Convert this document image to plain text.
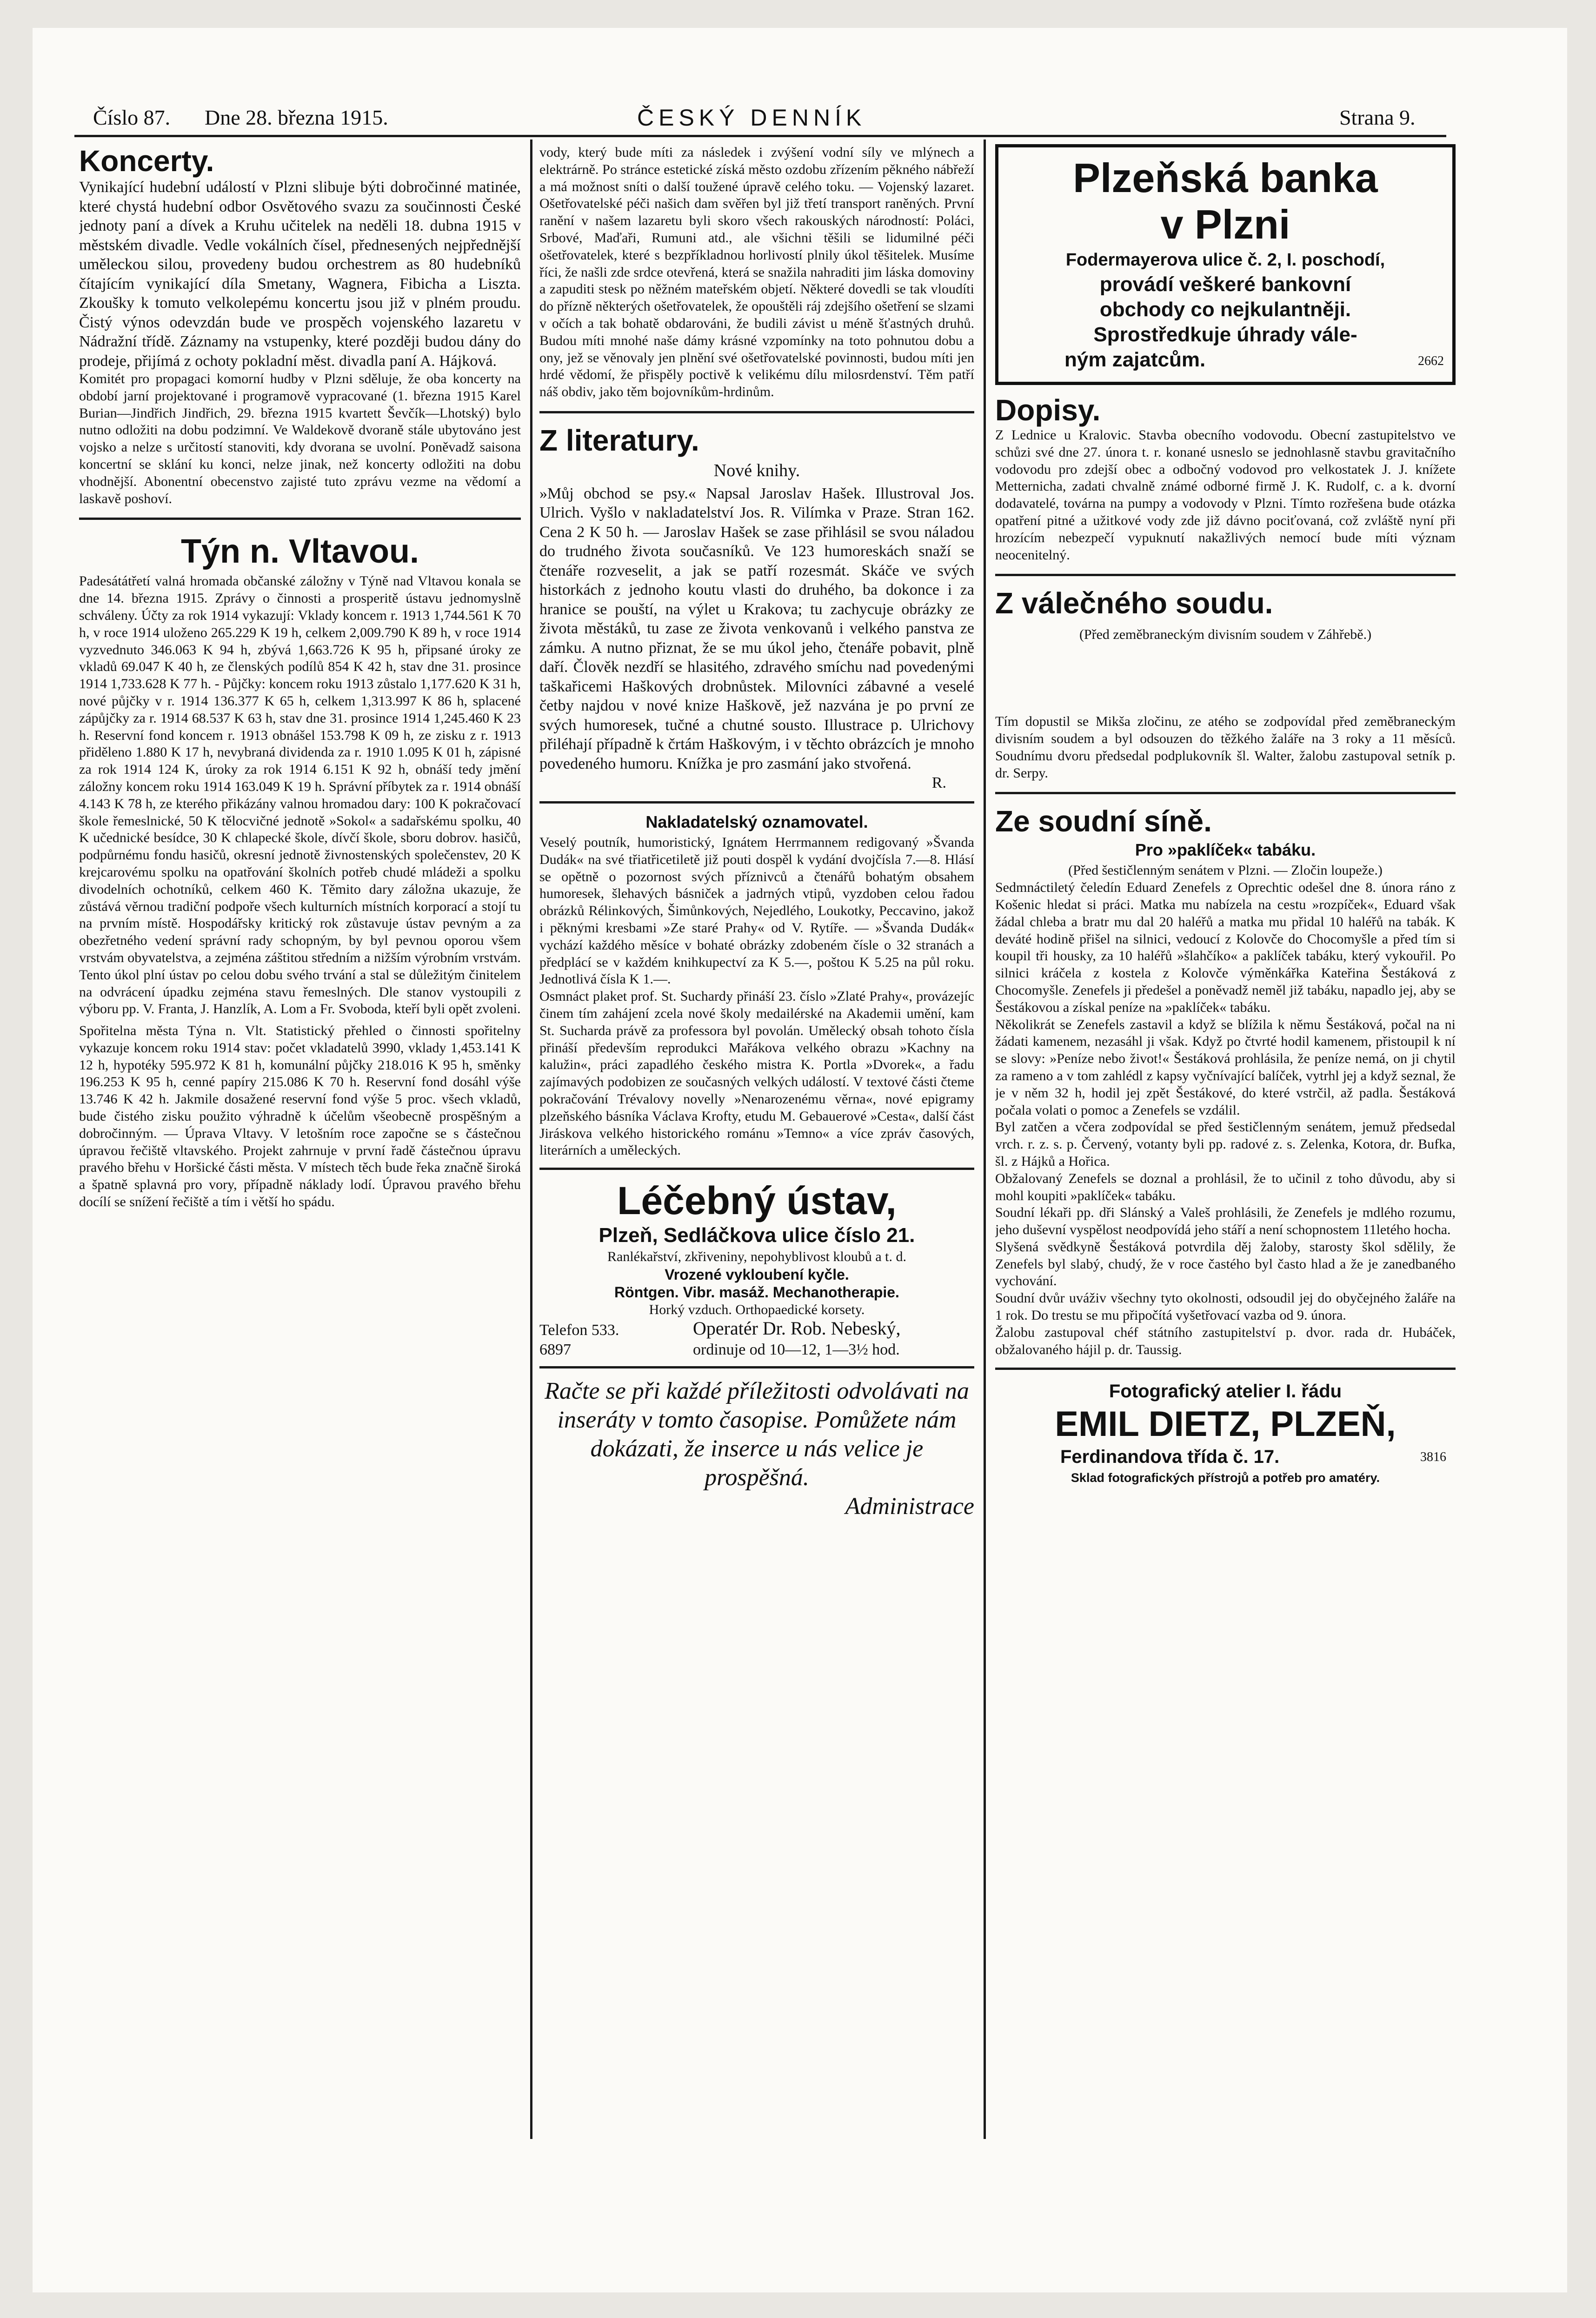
Číslo 87. Dne 28. března 1915.	ČESKÝ DENNÍK	Strana 9.
Koncerty.

Vynikající hudební událostí v Plzni slibuje býti dobročinné matinée, které chystá hudební odbor Osvětového svazu za součinnosti České jednoty paní a dívek a Kruhu učitelek na neděli 18. dubna 1915 v městském divadle. Vedle vokálních čísel, přednesených nejpřednější uměleckou silou, provedeny budou orchestrem as 80 hudebníků čítajícím vynikající díla Smetany, Wagnera, Fibicha a Liszta. Zkoušky k tomuto velkolepému koncertu jsou již v plném proudu. Čistý výnos odevzdán bude ve prospěch vojenského lazaretu v Nádražní třídě. Záznamy na vstupenky, které později budou dány do prodeje, přijímá z ochoty pokladní měst. divadla paní A. Hájková.

Komitét pro propagaci komorní hudby v Plzni sděluje, že oba koncerty na období jarní projektované i programově vypracované (1. března 1915 Karel Burian—Jindřich Jindřich, 29. března 1915 kvartett Ševčík—Lhotský) bylo nutno odložiti na dobu podzimní. Ve Waldekově dvoraně stále ubytováno jest vojsko a nelze s určitostí stanoviti, kdy dvorana se uvolní. Poněvadž saisona koncertní se sklání ku konci, nelze jinak, než koncerty odložiti na dobu vhodnější. Abonentní obecenstvo zajisté tuto zprávu vezme na vědomí a laskavě poshoví.

Týn n. Vltavou.

Padesátátřetí valná hromada občanské záložny v Týně nad Vltavou konala se dne 14. března 1915. Zprávy o činnosti a prosperitě ústavu jednomyslně schváleny. Účty za rok 1914 vykazují: Vklady koncem r. 1913 1,744.561 K 70 h, v roce 1914 uloženo 265.229 K 19 h, celkem 2,009.790 K 89 h, v roce 1914 vyzvednuto 346.063 K 94 h, zbývá 1,663.726 K 95 h, připsané úroky ze vkladů 69.047 K 40 h, ze členských podílů 854 K 42 h, stav dne 31. prosince 1914 1,733.628 K 77 h. - Půjčky: koncem roku 1913 zůstalo 1,177.620 K 31 h, nové půjčky v r. 1914 136.377 K 65 h, celkem 1,313.997 K 86 h, splacené zápůjčky za r. 1914 68.537 K 63 h, stav dne 31. prosince 1914 1,245.460 K 23 h. Reservní fond koncem r. 1913 obnášel 153.798 K 09 h, ze zisku z r. 1913 přiděleno 1.880 K 17 h, nevybraná dividenda za r. 1910 1.095 K 01 h, zápisné za rok 1914 124 K, úroky za rok 1914 6.151 K 92 h, obnáší tedy jmění záložny koncem roku 1914 163.049 K 19 h. Správní příbytek za r. 1914 obnáší 4.143 K 78 h, ze kterého přikázány valnou hromadou dary: 100 K pokračovací škole řemeslnické, 50 K tělocvičné jednotě »Sokol« a sadařskému spolku, 40 K učednické besídce, 30 K chlapecké škole, dívčí škole, sboru dobrov. hasičů, podpůrnému fondu hasičů, okresní jednotě živnostenských společenstev, 20 K krejcarovému spolku na opatřování školních potřeb chudé mládeži a spolku divodelních ochotníků, celkem 460 K. Těmito dary záložna ukazuje, že zůstává věrnou tradiční podpoře všech kulturních místních korporací a stojí tu na prvním místě. Hospodářsky kritický rok zůstavuje ústav pevným a za obezřetného vedení správní rady schopným, by byl pevnou oporou všem vrstvám obyvatelstva, a zejména záštitou středním a nižším výrobním vrstvám. Tento úkol plní ústav po celou dobu svého trvání a stal se důležitým činitelem na odvrácení úpadku zejména stavu řemeslných. Dle stanov vystoupili z výboru pp. V. Franta, J. Hanzlík, A. Lom a Fr. Svoboda, kteří byli opět zvoleni.

Spořitelna města Týna n. Vlt. Statistický přehled o činnosti spořitelny vykazuje koncem roku 1914 stav: počet vkladatelů 3990, vklady 1,453.141 K 12 h, hypotéky 595.972 K 81 h, komunální půjčky 218.016 K 95 h, směnky 196.253 K 95 h, cenné papíry 215.086 K 70 h. Reservní fond dosáhl výše 13.746 K 42 h. Jakmile dosažené reservní fond výše 5 proc. všech vkladů, bude čistého zisku použito výhradně k účelům všeobecně prospěšným a dobročinným. — Úprava Vltavy. V letošním roce započne se s částečnou úpravou řečiště vltavského. Projekt zahrnuje v první řadě částečnou úpravu pravého břehu v Horšické části města. V místech těch bude řeka značně široká a špatně splavná pro vory, případně náklady lodí. Úpravou pravého břehu docílí se snížení řečiště a tím i větší ho spádu.

vody, který bude míti za následek i zvýšení vodní síly ve mlýnech a elektrárně. Po stránce estetické získá město ozdobu zřízením pěkného nábřeží a má možnost sníti o další toužené úpravě celého toku. — Vojenský lazaret. Ošetřovatelské péči našich dam svěřen byl již třetí transport raněných. První ranění v našem lazaretu byli skoro všech rakouských národností: Poláci, Srbové, Maďaři, Rumuni atd., ale všichni těšili se lidumilné péči ošetřovatelek, které s bezpříkladnou horlivostí plnily úkol těšitelek. Musíme říci, že našli zde srdce otevřená, která se snažila nahraditi jim láska domoviny a zapuditi stesk po něžném mateřském objetí. Některé dovedli se tak vloudíti do přízně některých ošetřovatelek, že opouštěli ráj zdejšího ošetření se slzami v očích a tak bohatě obdarováni, že budili závist u méně šťastných druhů. Budou míti mnohé naše dámy krásné vzpomínky na toto pohnutou dobu a ony, jež se věnovaly jen plnění své ošetřovatelské povinnosti, budou míti jen hrdé vědomí, že přispěly poctivě k velikému dílu milosrdenství. Těm patří náš obdiv, jako těm bojovníkům-hrdinům.

Z literatury.
Nové knihy.

»Můj obchod se psy.« Napsal Jaroslav Hašek. Illustroval Jos. Ulrich. Vyšlo v nakladatelství Jos. R. Vilímka v Praze. Stran 162. Cena 2 K 50 h. — Jaroslav Hašek se zase přihlásil se svou náladou do trudného života současníků. Ve 123 humoreskách snaží se čtenáře rozveselit, a jak se patří rozesmát. Skáče ve svých historkách z jednoho koutu vlasti do druhého, ba dokonce i za hranice se pouští, na výlet u Krakova; tu zachycuje obrázky ze života městáků, tu zase ze života venkovanů i velkého panstva ze zámku. A nutno přiznat, že se mu úkol jeho, čtenáře pobavit, plně daří. Člověk nezdří se hlasitého, zdravého smíchu nad povedenými taškařicemi Haškových drobnůstek. Milovníci zábavné a veselé četby najdou v nové knize Haškově, jež nazvána je po první ze svých humoresek, tučné a chutné sousto. Illustrace p. Ulrichovy přiléhají případně k črtám Haškovým, i v těchto obrázcích je mnoho povedeného humoru. Knížka je pro zasmání jako stvořená.

R.
Nakladatelský oznamovatel.

Veselý poutník, humoristický, Ignátem Herrmannem redigovaný »Švanda Dudák« na své třiatřicetiletě již pouti dospěl k vydání dvojčísla 7.—8. Hlásí se opětně o pozornost svých příznivců a čtenářů bohatým obsahem humoresek, šlehavých básniček a jadrných vtipů, vyzdoben celou řadou obrázků Rélinkových, Šimůnkových, Nejedlého, Loukotky, Peccavino, jakož i pěknými kresbami »Ze staré Prahy« od V. Rytíře. — »Švanda Dudák« vychází každého měsíce v bohaté obrázky zdobeném čísle o 32 stranách a předplácí se v každém knihkupectví za K 5.—, poštou K 5.25 na půl roku. Jednotlivá čísla K 1.—.

Osmnáct plaket prof. St. Suchardy přináší 23. číslo »Zlaté Prahy«, provázejíc činem tím zahájení zcela nové školy medailérské na Akademii umění, kam St. Sucharda právě za professora byl povolán. Umělecký obsah tohoto čísla přináší především reprodukci Mařákova velkého obrazu »Kachny na kalužin«, práci zapadlého českého mistra K. Portla »Dvorek«, a řadu zajímavých podobizen ze současných velkých událostí. V textové části čteme pokračování Trévalovy novelly »Nenarozenému věrna«, nové epigramy plzeňského básníka Václava Krofty, etudu M. Gebauerové »Cesta«, další část Jiráskova velkého historického románu »Temno« a více zpráv časových, literárních a uměleckých.

Léčebný ústav,
Plzeň, Sedláčkova ulice číslo 21.
Ranlékařství, zkřiveniny, nepohyblivost kloubů a t. d.
Vrozené vykloubení kyčle.
Röntgen. Vibr. masáž. Mechanotherapie.
Horký vzduch. Orthopaedické korsety.
Telefon 533.	Operatér Dr. Rob. Nebeský,
6897	ordinuje od 10—12, 1—3½ hod.

Račte se při každé příležitosti odvolávati na inseráty v tomto časopise. Pomůžete nám dokázati, že inserce u nás velice je prospěšná.

Administrace
Plzeňská banka
v Plzni
Fodermayerova ulice č. 2, I. poschodí,
provádí veškeré bankovní
obchody co nejkulantněji.
Sprostředkuje úhrady vále-
ným zajatcům.	2662
Dopisy.

Z Lednice u Kralovic. Stavba obecního vodovodu. Obecní zastupitelstvo ve schůzi své dne 27. února t. r. konané usneslo se jednohlasně stavbu gravitačního vodovodu pro zdejší obec a odbočný vodovod pro velkostatek J. J. knížete Metternicha, zadati chvalně známé odborné firmě J. K. Rudolf, c. a k. dvorní dodavatelé, továrna na pumpy a vodovody v Plzni. Tímto rozřešena bude otázka opatření pitné a užitkové vody zde již dávno pociťovaná, což zvláště nyní při hrozícím nebezpečí vypuknutí nakažlivých nemocí bude míti význam neocenitelný.

Z válečného soudu.

(Před zeměbraneckým divisním soudem v Záhřebě.)

Tím dopustil se Mikša zločinu, ze atého se zodpovídal před zeměbraneckým divisním soudem a byl odsouzen do těžkého žaláře na 3 roky a 11 měsíců. Soudnímu dvoru předsedal podplukovník šl. Walter, žalobu zastupoval setník p. dr. Serpy.

Ze soudní síně.
Pro »paklíček« tabáku.

(Před šestičlenným senátem v Plzni. — Zločin loupeže.)

Sedmnáctiletý čeledín Eduard Zenefels z Oprechtic odešel dne 8. února ráno z Košenic hledat si práci. Matka mu nabízela na cestu »rozpíček«, Eduard však žádal chleba a bratr mu dal 20 haléřů a matka mu přidal 10 haléřů na tabák. K deváté hodině přišel na silnici, vedoucí z Kolovče do Chocomyšle a před tím si koupil tři housky, za 10 haléřů »šlahčíko« a paklíček tabáku, který vykouřil. Po silnici kráčela z kostela z Kolovče výměnkářka Kateřina Šestáková z Chocomyšle. Zenefels ji předešel a poněvadž neměl již tabáku, napadlo jej, aby se Šestákovou a získal peníze na »paklíček« tabáku.

Několikrát se Zenefels zastavil a když se blížila k němu Šestáková, počal na ni žádati kamenem, nezasáhl ji však. Když po čtvrté hodil kamenem, přistoupil k ní se slovy: »Peníze nebo život!« Šestáková prohlásila, že peníze nemá, on ji chytil za rameno a v tom zahlédl z kapsy vyčnívající balíček, vytrhl jej a když seznal, že je v něm 32 h, hodil jej zpět Šestákové, do které vstrčil, až padla. Šestáková počala volati o pomoc a Zenefels se vzdálil.

Byl zatčen a včera zodpovídal se před šestičlenným senátem, jemuž předsedal vrch. r. z. s. p. Červený, votanty byli pp. radové z. s. Zelenka, Kotora, dr. Bufka, šl. z Hájků a Hořica.

Obžalovaný Zenefels se doznal a prohlásil, že to učinil z toho důvodu, aby si mohl koupiti »paklíček« tabáku.

Soudní lékaři pp. dři Slánský a Valeš prohlásili, že Zenefels je mdlého rozumu, jeho duševní vyspělost neodpovídá jeho stáří a není schopnostem 11letého hocha.

Slyšená svědkyně Šestáková potvrdila děj žaloby, starosty škol sdělily, že Zenefels byl slabý, chudý, že v roce častého byl často hlad a že je zanedbaného vychování.

Soudní dvůr uváživ všechny tyto okolnosti, odsoudil jej do obyčejného žaláře na 1 rok. Do trestu se mu připočítá vyšetřovací vazba od 9. února.

Žalobu zastupoval chéf státního zastupitelství p. dvor. rada dr. Hubáček, obžalovaného hájil p. dr. Taussig.

Fotografický atelier I. řádu
EMIL DIETZ, PLZEŇ,
Ferdinandova třída č. 17.	3816
Sklad fotografických přístrojů a potřeb pro amatéry.
